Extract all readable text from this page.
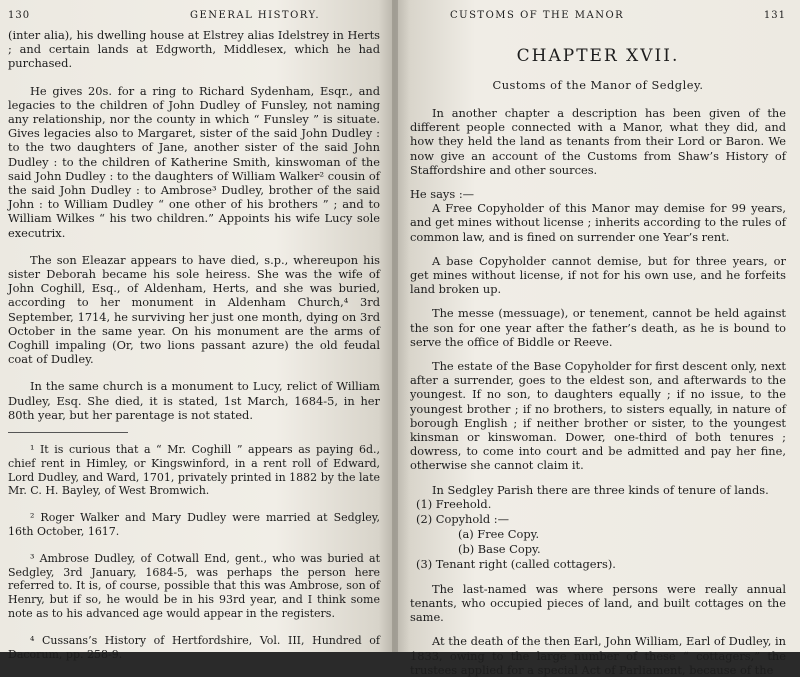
130	GENERAL HISTORY.

(inter alia), his dwelling house at Elstrey alias Idelstrey in Herts ; and certain lands at Edgworth, Middlesex, which he had purchased.

He gives 20s. for a ring to Richard Sydenham, Esqr., and legacies to the children of John Dudley of Funsley, not naming any relationship, nor the county in which “ Funsley ” is situate. Gives legacies also to Margaret, sister of the said John Dudley : to the two daughters of Jane, another sister of the said John Dudley : to the children of Katherine Smith, kinswoman of the said John Dudley : to the daughters of William Walker² cousin of the said John Dudley : to Ambrose³ Dudley, brother of the said John : to William Dudley “ one other of his brothers ” ; and to William Wilkes “ his two children.” Appoints his wife Lucy sole executrix.

The son Eleazar appears to have died, s.p., whereupon his sister Deborah became his sole heiress. She was the wife of John Coghill, Esq., of Aldenham, Herts, and she was buried, according to her monument in Aldenham Church,⁴ 3rd September, 1714, he surviving her just one month, dying on 3rd October in the same year. On his monument are the arms of Coghill impaling (Or, two lions passant azure) the old feudal coat of Dudley.

In the same church is a monument to Lucy, relict of William Dudley, Esq. She died, it is stated, 1st March, 1684-5, in her 80th year, but her parentage is not stated.

¹ It is curious that a “ Mr. Coghill ” appears as paying 6d., chief rent in Himley, or Kingswinford, in a rent roll of Edward, Lord Dudley, and Ward, 1701, privately printed in 1882 by the late Mr. C. H. Bayley, of West Bromwich.

² Roger Walker and Mary Dudley were married at Sedgley, 16th October, 1617.

³ Ambrose Dudley, of Cotwall End, gent., who was buried at Sedgley, 3rd January, 1684-5, was perhaps the person here referred to. It is, of course, possible that this was Ambrose, son of Henry, but if so, he would be in his 93rd year, and I think some note as to his advanced age would appear in the registers.

⁴ Cussans’s History of Hertfordshire, Vol. III, Hundred of Dacorum, pp. 258-9.

CUSTOMS OF THE MANOR	131
CHAPTER XVII.
Customs of the Manor of Sedgley.

In another chapter a description has been given of the different people connected with a Manor, what they did, and how they held the land as tenants from their Lord or Baron. We now give an account of the Customs from Shaw’s History of Staffordshire and other sources.

He says :—

A Free Copyholder of this Manor may demise for 99 years, and get mines without license ; inherits according to the rules of common law, and is fined on surrender one Year’s rent.

A base Copyholder cannot demise, but for three years, or get mines without license, if not for his own use, and he forfeits land broken up.

The messe (messuage), or tenement, cannot be held against the son for one year after the father’s death, as he is bound to serve the office of Biddle or Reeve.

The estate of the Base Copyholder for first descent only, next after a surrender, goes to the eldest son, and afterwards to the youngest. If no son, to daughters equally ; if no issue, to the youngest brother ; if no brothers, to sisters equally, in nature of borough English ; if neither brother or sister, to the youngest kinsman or kinswoman. Dower, one-third of both tenures ; dowress, to come into court and be admitted and pay her fine, otherwise she cannot claim it.

In Sedgley Parish there are three kinds of tenure of lands.

(1) Freehold.
(2) Copyhold :—
(a) Free Copy.
(b) Base Copy.
(3) Tenant right (called cottagers).

The last-named was where persons were really annual tenants, who occupied pieces of land, and built cottages on the same.

At the death of the then Earl, John William, Earl of Dudley, in 1833, owing to the large number of these “ cottagers,” the trustees applied for a special Act of Parliament, because of the
